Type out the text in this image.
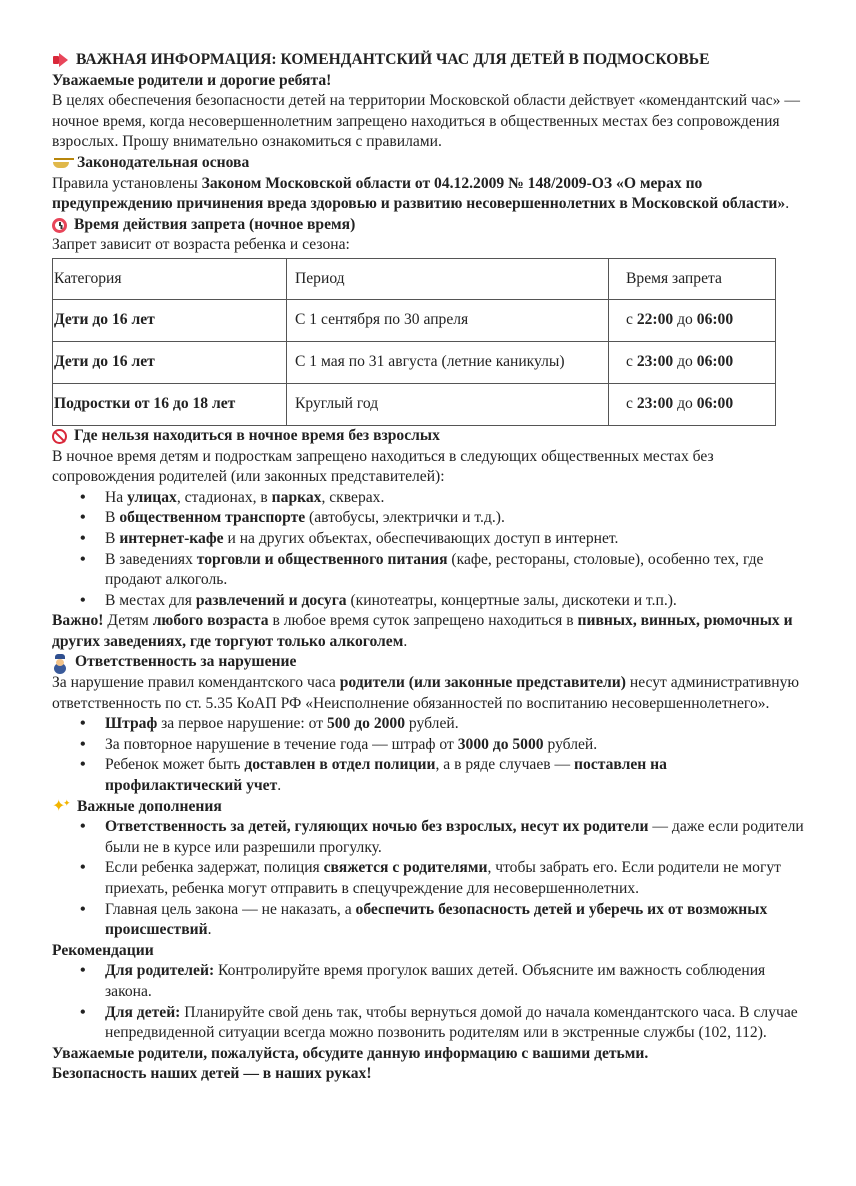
ВАЖНАЯ ИНФОРМАЦИЯ: КОМЕНДАНТСКИЙ ЧАС ДЛЯ ДЕТЕЙ В ПОДМОСКОВЬЕ
Уважаемые родители и дорогие ребята!
В целях обеспечения безопасности детей на территории Московской области действует «комендантский час» — ночное время, когда несовершеннолетним запрещено находиться в общественных местах без сопровождения взрослых. Прошу внимательно ознакомиться с правилами.
Законодательная основа
Правила установлены Законом Московской области от 04.12.2009 № 148/2009-ОЗ «О мерах по предупреждению причинения вреда здоровью и развитию несовершеннолетних в Московской области».
Время действия запрета (ночное время)
Запрет зависит от возраста ребенка и сезона:
Категория	Период	Время запрета
Дети до 16 лет	С 1 сентября по 30 апреля	с 22:00 до 06:00
Дети до 16 лет	С 1 мая по 31 августа (летние каникулы)	с 23:00 до 06:00
Подростки от 16 до 18 лет	Круглый год	с 23:00 до 06:00
Где нельзя находиться в ночное время без взрослых
В ночное время детям и подросткам запрещено находиться в следующих общественных местах без сопровождения родителей (или законных представителей):
• На улицах, стадионах, в парках, скверах.
• В общественном транспорте (автобусы, электрички и т.д.).
• В интернет-кафе и на других объектах, обеспечивающих доступ в интернет.
• В заведениях торговли и общественного питания (кафе, рестораны, столовые), особенно тех, где продают алкоголь.
• В местах для развлечений и досуга (кинотеатры, концертные залы, дискотеки и т.п.).
Важно! Детям любого возраста в любое время суток запрещено находиться в пивных, винных, рюмочных и других заведениях, где торгуют только алкоголем.
Ответственность за нарушение
За нарушение правил комендантского часа родители (или законные представители) несут административную ответственность по ст. 5.35 КоАП РФ «Неисполнение обязанностей по воспитанию несовершеннолетнего».
• Штраф за первое нарушение: от 500 до 2000 рублей.
• За повторное нарушение в течение года — штраф от 3000 до 5000 рублей.
• Ребенок может быть доставлен в отдел полиции, а в ряде случаев — поставлен на профилактический учет.
✦ ✦
Важные дополнения
• Ответственность за детей, гуляющих ночью без взрослых, несут их родители — даже если родители были не в курсе или разрешили прогулку.
• Если ребенка задержат, полиция свяжется с родителями, чтобы забрать его. Если родители не могут приехать, ребенка могут отправить в спецучреждение для несовершеннолетних.
• Главная цель закона — не наказать, а обеспечить безопасность детей и уберечь их от возможных происшествий.
Рекомендации
• Для родителей: Контролируйте время прогулок ваших детей. Объясните им важность соблюдения закона.
• Для детей: Планируйте свой день так, чтобы вернуться домой до начала комендантского часа. В случае непредвиденной ситуации всегда можно позвонить родителям или в экстренные службы (102, 112).
Уважаемые родители, пожалуйста, обсудите данную информацию с вашими детьми.
Безопасность наших детей — в наших руках!
